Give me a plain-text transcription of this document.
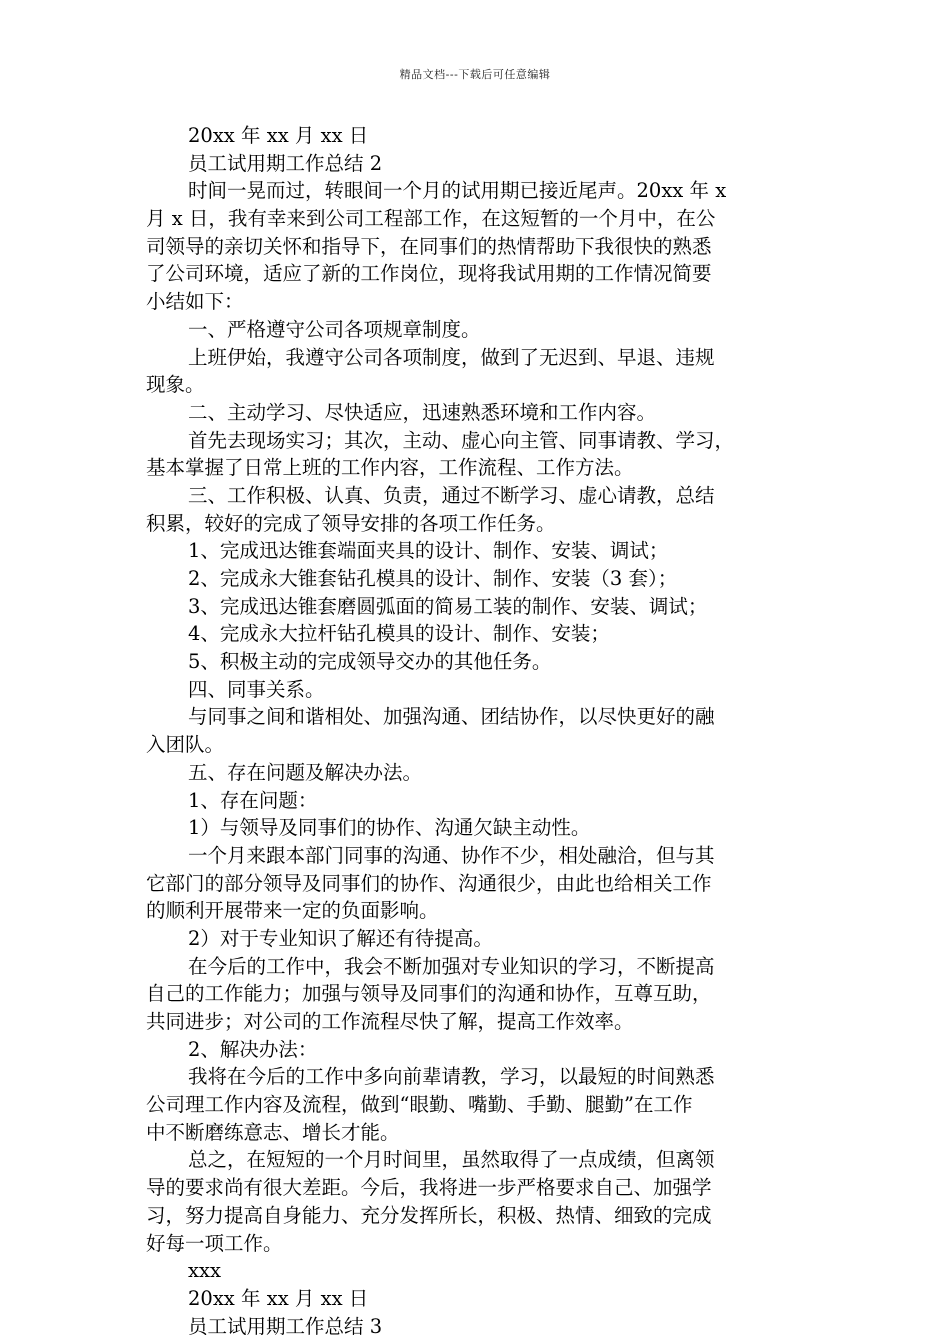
精品文档---下载后可任意编辑
20xx 年 xx 月 xx 日
员工试用期工作总结 2
时间一晃而过，转眼间一个月的试用期已接近尾声。20xx 年 x
月 x 日，我有幸来到公司工程部工作，在这短暂的一个月中，在公
司领导的亲切关怀和指导下，在同事们的热情帮助下我很快的熟悉
了公司环境，适应了新的工作岗位，现将我试用期的工作情况简要
小结如下：
一、严格遵守公司各项规章制度。
上班伊始，我遵守公司各项制度，做到了无迟到、早退、违规
现象。
二、主动学习、尽快适应，迅速熟悉环境和工作内容。
首先去现场实习；其次，主动、虚心向主管、同事请教、学习，
基本掌握了日常上班的工作内容，工作流程、工作方法。
三、工作积极、认真、负责，通过不断学习、虚心请教，总结
积累，较好的完成了领导安排的各项工作任务。
1、完成迅达锥套端面夹具的设计、制作、安装、调试；
2、完成永大锥套钻孔模具的设计、制作、安装（3 套）；
3、完成迅达锥套磨圆弧面的简易工装的制作、安装、调试；
4、完成永大拉杆钻孔模具的设计、制作、安装；
5、积极主动的完成领导交办的其他任务。
四、同事关系。
与同事之间和谐相处、加强沟通、团结协作，以尽快更好的融
入团队。
五、存在问题及解决办法。
1、存在问题：
1）与领导及同事们的协作、沟通欠缺主动性。
一个月来跟本部门同事的沟通、协作不少，相处融洽，但与其
它部门的部分领导及同事们的协作、沟通很少，由此也给相关工作
的顺利开展带来一定的负面影响。
2）对于专业知识了解还有待提高。
在今后的工作中，我会不断加强对专业知识的学习，不断提高
自己的工作能力；加强与领导及同事们的沟通和协作，互尊互助，
共同进步；对公司的工作流程尽快了解，提高工作效率。
2、解决办法：
我将在今后的工作中多向前辈请教，学习，以最短的时间熟悉
公司理工作内容及流程，做到“眼勤、嘴勤、手勤、腿勤”在工作
中不断磨练意志、增长才能。
总之，在短短的一个月时间里，虽然取得了一点成绩，但离领
导的要求尚有很大差距。今后，我将进一步严格要求自己、加强学
习，努力提高自身能力、充分发挥所长，积极、热情、细致的完成
好每一项工作。
xxx
20xx 年 xx 月 xx 日
员工试用期工作总结 3
